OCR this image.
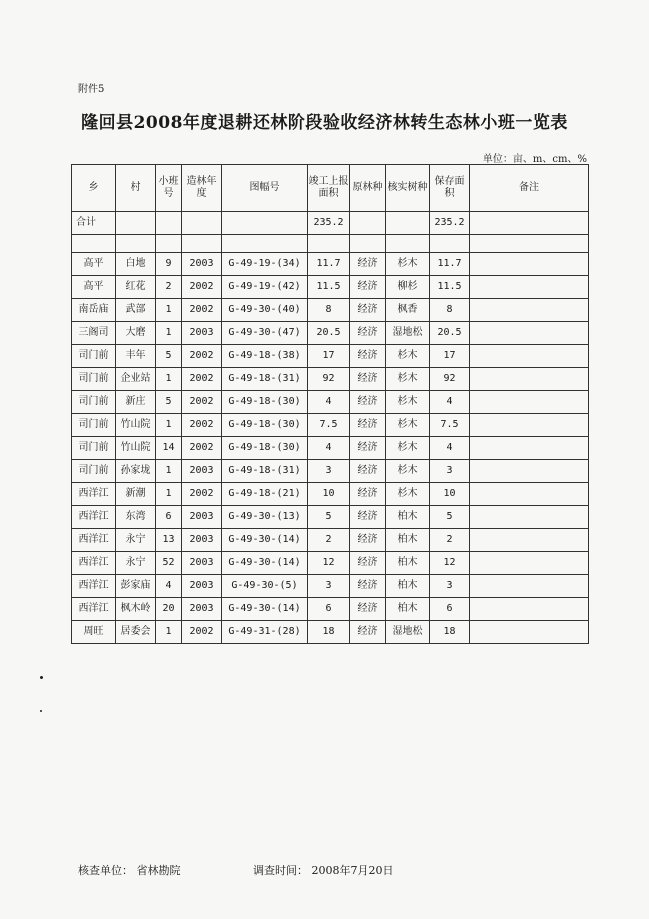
附件5
隆回县2008年度退耕还林阶段验收经济林转生态林小班一览表
单位：亩、m、cm、%
乡	村	小班号	造林年度	图幅号	竣工上报面积	原林种	核实树种	保存面积	备注
合计					235.2			235.2	

高平	白地	9	2003	G-49-19-(34)	11.7	经济	杉木	11.7	
高平	红花	2	2002	G-49-19-(42)	11.5	经济	柳杉	11.5	
南岳庙	武部	1	2002	G-49-30-(40)	8	经济	枫香	8	
三阁司	大磨	1	2003	G-49-30-(47)	20.5	经济	湿地松	20.5	
司门前	丰年	5	2002	G-49-18-(38)	17	经济	杉木	17	
司门前	企业站	1	2002	G-49-18-(31)	92	经济	杉木	92	
司门前	新庄	5	2002	G-49-18-(30)	4	经济	杉木	4	
司门前	竹山院	1	2002	G-49-18-(30)	7.5	经济	杉木	7.5	
司门前	竹山院	14	2002	G-49-18-(30)	4	经济	杉木	4	
司门前	孙家垅	1	2003	G-49-18-(31)	3	经济	杉木	3	
西洋江	新潮	1	2002	G-49-18-(21)	10	经济	杉木	10	
西洋江	东湾	6	2003	G-49-30-(13)	5	经济	柏木	5	
西洋江	永宁	13	2003	G-49-30-(14)	2	经济	柏木	2	
西洋江	永宁	52	2003	G-49-30-(14)	12	经济	柏木	12	
西洋江	彭家庙	4	2003	G-49-30-(5)	3	经济	柏木	3	
西洋江	枫木岭	20	2003	G-49-30-(14)	6	经济	柏木	6	
周旺	居委会	1	2002	G-49-31-(28)	18	经济	湿地松	18	
核查单位： 省林勘院	调查时间： 2008年7月20日
